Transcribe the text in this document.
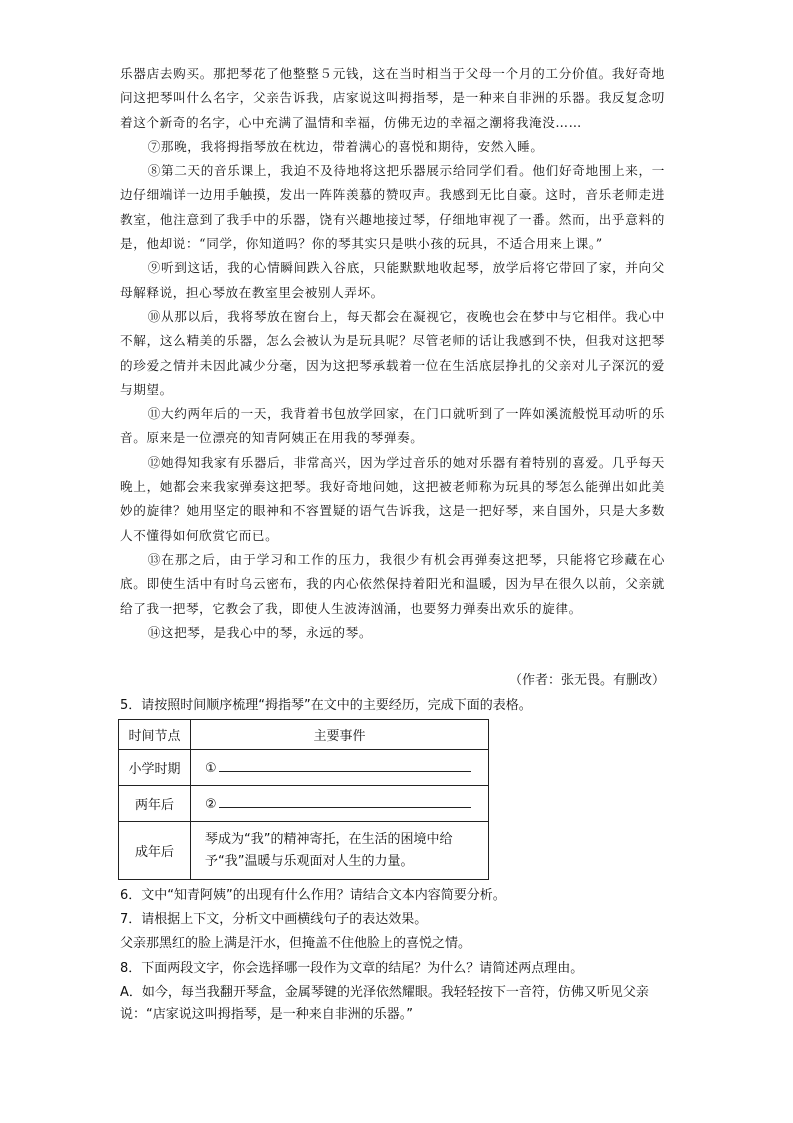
乐器店去购买。那把琴花了他整整５元钱，这在当时相当于父母一个月的工分价值。我好奇地问这把琴叫什么名字，父亲告诉我，店家说这叫拇指琴，是一种来自非洲的乐器。我反复念叨着这个新奇的名字，心中充满了温情和幸福，仿佛无边的幸福之潮将我淹没……

⑦那晚，我将拇指琴放在枕边，带着满心的喜悦和期待，安然入睡。

⑧第二天的音乐课上，我迫不及待地将这把乐器展示给同学们看。他们好奇地围上来，一边仔细端详一边用手触摸，发出一阵阵羡慕的赞叹声。我感到无比自豪。这时，音乐老师走进教室，他注意到了我手中的乐器，饶有兴趣地接过琴，仔细地审视了一番。然而，出乎意料的是，他却说：“同学，你知道吗？你的琴其实只是哄小孩的玩具，不适合用来上课。”

⑨听到这话，我的心情瞬间跌入谷底，只能默默地收起琴，放学后将它带回了家，并向父母解释说，担心琴放在教室里会被别人弄坏。

⑩从那以后，我将琴放在窗台上，每天都会在凝视它，夜晚也会在梦中与它相伴。我心中不解，这么精美的乐器，怎么会被认为是玩具呢？尽管老师的话让我感到不快，但我对这把琴的珍爱之情并未因此减少分毫，因为这把琴承载着一位在生活底层挣扎的父亲对儿子深沉的爱与期望。

⑪大约两年后的一天，我背着书包放学回家，在门口就听到了一阵如溪流般悦耳动听的乐音。原来是一位漂亮的知青阿姨正在用我的琴弹奏。

⑫她得知我家有乐器后，非常高兴，因为学过音乐的她对乐器有着特别的喜爱。几乎每天晚上，她都会来我家弹奏这把琴。我好奇地问她，这把被老师称为玩具的琴怎么能弹出如此美妙的旋律？她用坚定的眼神和不容置疑的语气告诉我，这是一把好琴，来自国外，只是大多数人不懂得如何欣赏它而已。

⑬在那之后，由于学习和工作的压力，我很少有机会再弹奏这把琴，只能将它珍藏在心底。即使生活中有时乌云密布，我的内心依然保持着阳光和温暖，因为早在很久以前，父亲就给了我一把琴，它教会了我，即使人生波涛汹涌，也要努力弹奏出欢乐的旋律。

⑭这把琴，是我心中的琴，永远的琴。

（作者：张无畏。有删改）

5．请按照时间顺序梳理“拇指琴”在文中的主要经历，完成下面的表格。

时间节点	主要事件
小学时期	①
两年后	②
成年后	琴成为“我”的精神寄托，在生活的困境中给予“我”温暖与乐观面对人生的力量。

6．文中“知青阿姨”的出现有什么作用？请结合文本内容简要分析。

7．请根据上下文，分析文中画横线句子的表达效果。

父亲那黑红的脸上满是汗水，但掩盖不住他脸上的喜悦之情。

8．下面两段文字，你会选择哪一段作为文章的结尾？为什么？请简述两点理由。

A．如今，每当我翻开琴盒，金属琴键的光泽依然耀眼。我轻轻按下一音符，仿佛又听见父亲说：“店家说这叫拇指琴，是一种来自非洲的乐器。”
